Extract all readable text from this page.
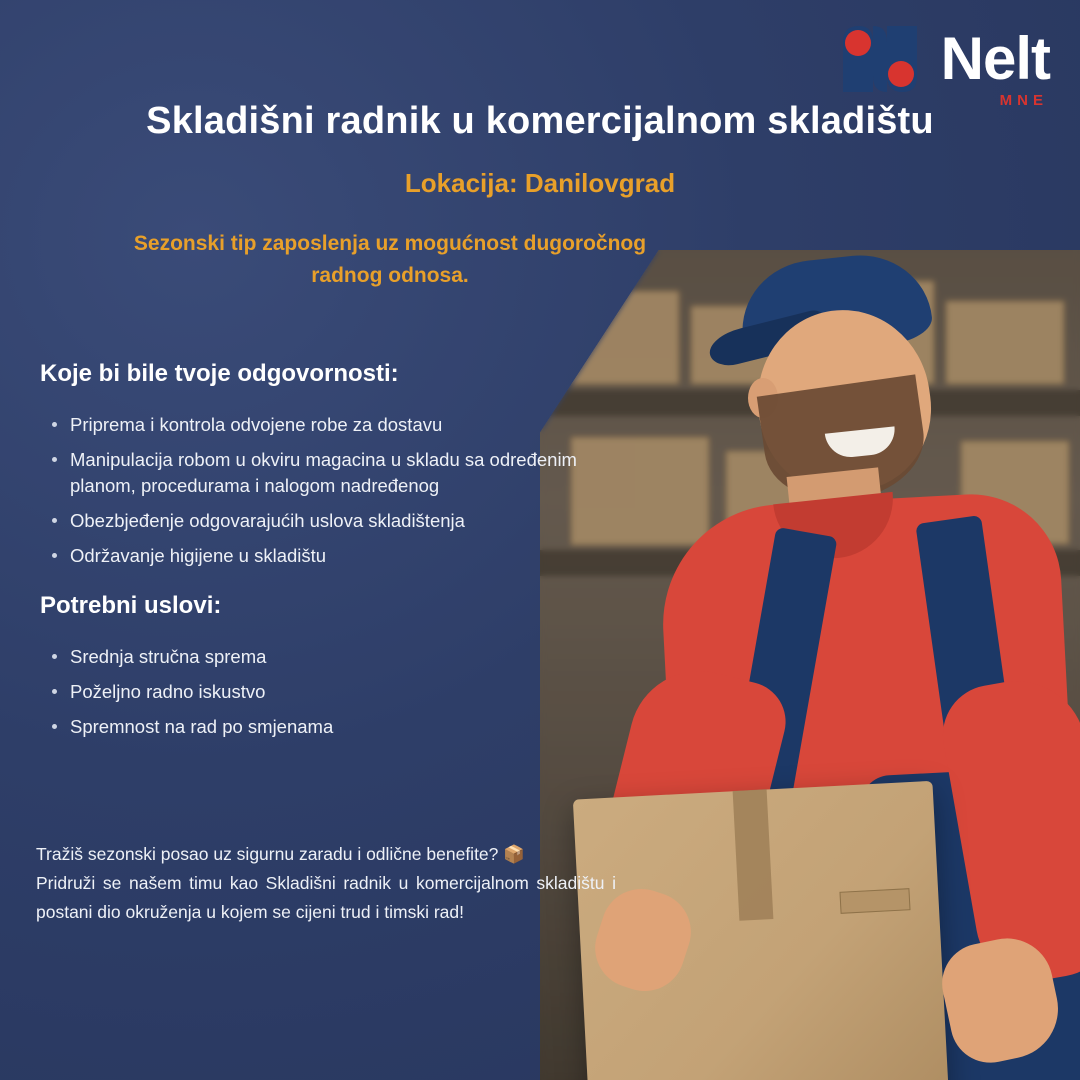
Nelt
MNE
Skladišni radnik u komercijalnom skladištu
Lokacija: Danilovgrad
Sezonski tip zaposlenja uz mogućnost dugoročnog radnog odnosa.
Koje bi bile tvoje odgovornosti:
Priprema i kontrola odvojene robe za dostavu
Manipulacija robom u okviru magacina u skladu sa određenim planom, procedurama i nalogom nadređenog
Obezbjeđenje odgovarajućih uslova skladištenja
Održavanje higijene u skladištu
Potrebni uslovi:
Srednja stručna sprema
Poželjno radno iskustvo
Spremnost na rad po smjenama
Tražiš sezonski posao uz sigurnu zaradu i odlične benefite? 📦
Pridruži se našem timu kao Skladišni radnik u komercijalnom skladištu i postani dio okruženja u kojem se cijeni trud i timski rad!
